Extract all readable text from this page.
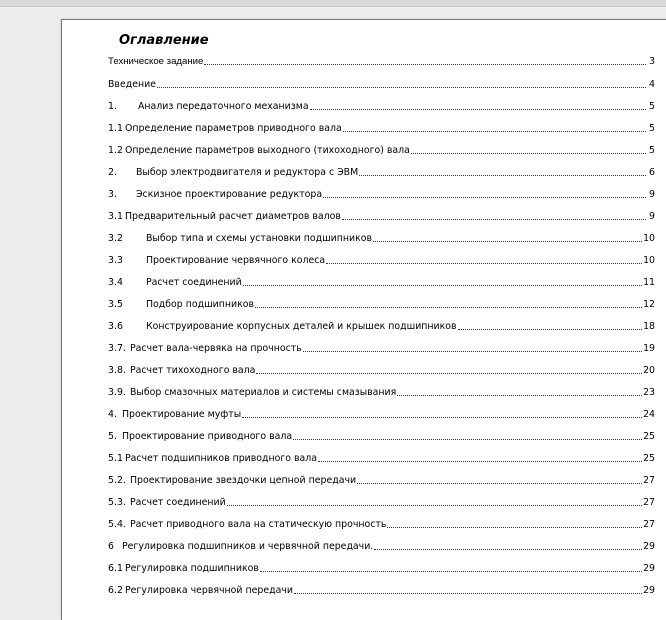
Оглавление
Техническое задание	3
Введение	4
1.	Анализ передаточного механизма	5
1.1 Определение параметров приводного вала	5
1.2 Определение параметров выходного (тихоходного) вала	5
2.	Выбор электродвигателя и редуктора с ЭВМ	6
3.	Эскизное проектирование редуктора	9
3.1 Предварительный расчет диаметров валов	9
3.2	Выбор типа и схемы установки подшипников	10
3.3	Проектирование червячного колеса	10
3.4	Расчет соединений	11
3.5	Подбор подшипников	12
3.6	Конструирование корпусных деталей и крышек подшипников	18
3.7. Расчет вала-червяка на прочность	19
3.8. Расчет тихоходного вала	20
3.9. Выбор смазочных материалов и системы смазывания	23
4. Проектирование муфты	24
5. Проектирование приводного вала	25
5.1 Расчет подшипников приводного вала	25
5.2. Проектирование звездочки цепной передачи	27
5.3. Расчет соединений	27
5.4. Расчет приводного вала на статическую прочность	27
6 Регулировка подшипников и червячной передачи.	29
6.1 Регулировка подшипников	29
6.2 Регулировка червячной передачи	29
